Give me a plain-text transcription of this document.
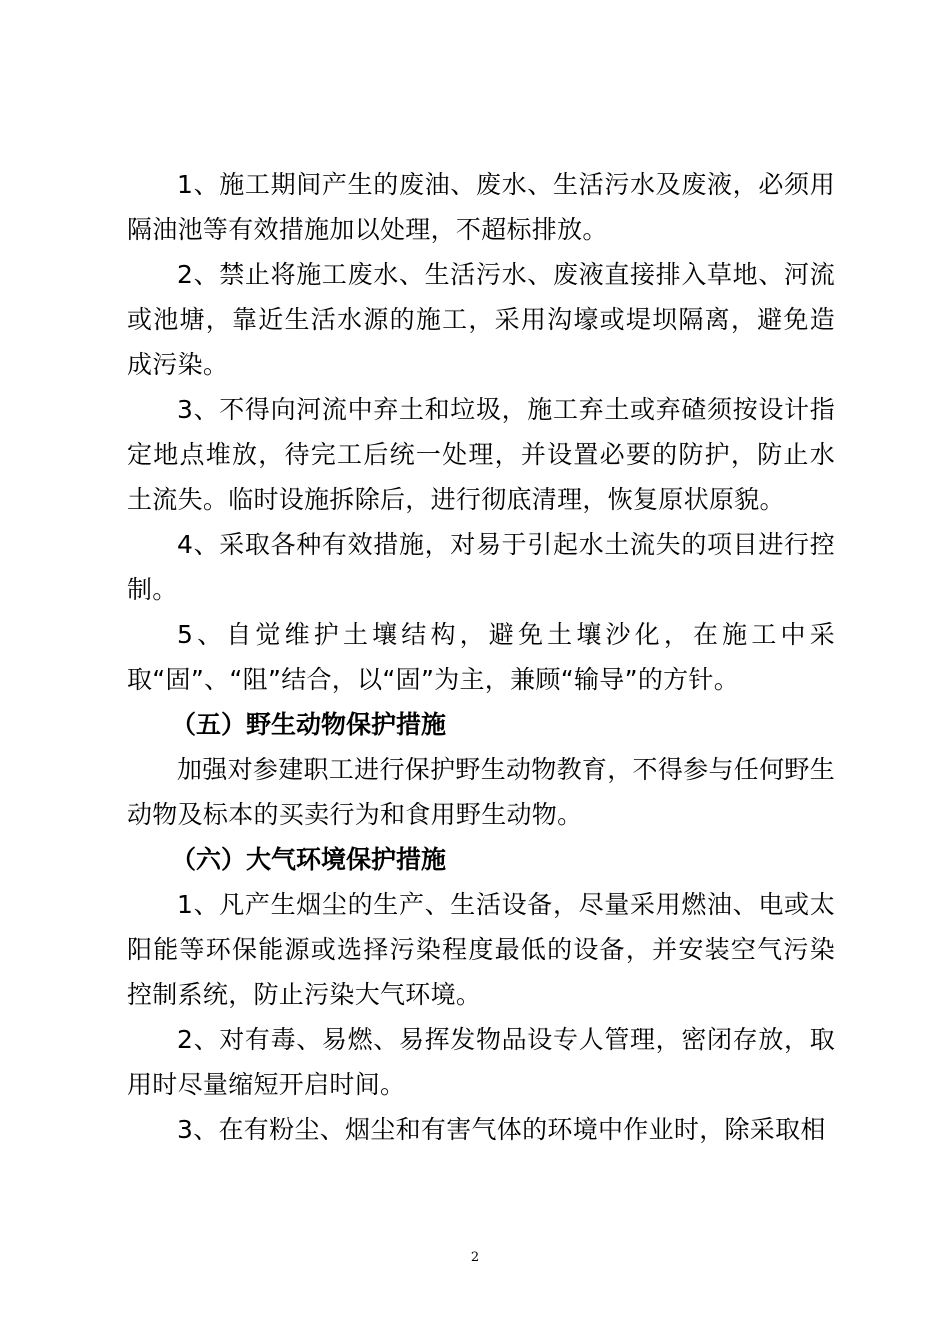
1、施工期间产生的废油、废水、生活污水及废液，必须用隔油池等有效措施加以处理，不超标排放。

2、禁止将施工废水、生活污水、废液直接排入草地、河流或池塘，靠近生活水源的施工，采用沟壕或堤坝隔离，避免造成污染。

3、不得向河流中弃土和垃圾，施工弃土或弃碴须按设计指定地点堆放，待完工后统一处理，并设置必要的防护，防止水土流失。临时设施拆除后，进行彻底清理，恢复原状原貌。

4、采取各种有效措施，对易于引起水土流失的项目进行控制。

5、自觉维护土壤结构，避免土壤沙化，在施工中采取“固”、“阻”结合，以“固”为主，兼顾“输导”的方针。

（五）野生动物保护措施

加强对参建职工进行保护野生动物教育，不得参与任何野生动物及标本的买卖行为和食用野生动物。

（六）大气环境保护措施

1、凡产生烟尘的生产、生活设备，尽量采用燃油、电或太阳能等环保能源或选择污染程度最低的设备，并安装空气污染控制系统，防止污染大气环境。

2、对有毒、易燃、易挥发物品设专人管理，密闭存放，取用时尽量缩短开启时间。

3、在有粉尘、烟尘和有害气体的环境中作业时，除采取相

2
